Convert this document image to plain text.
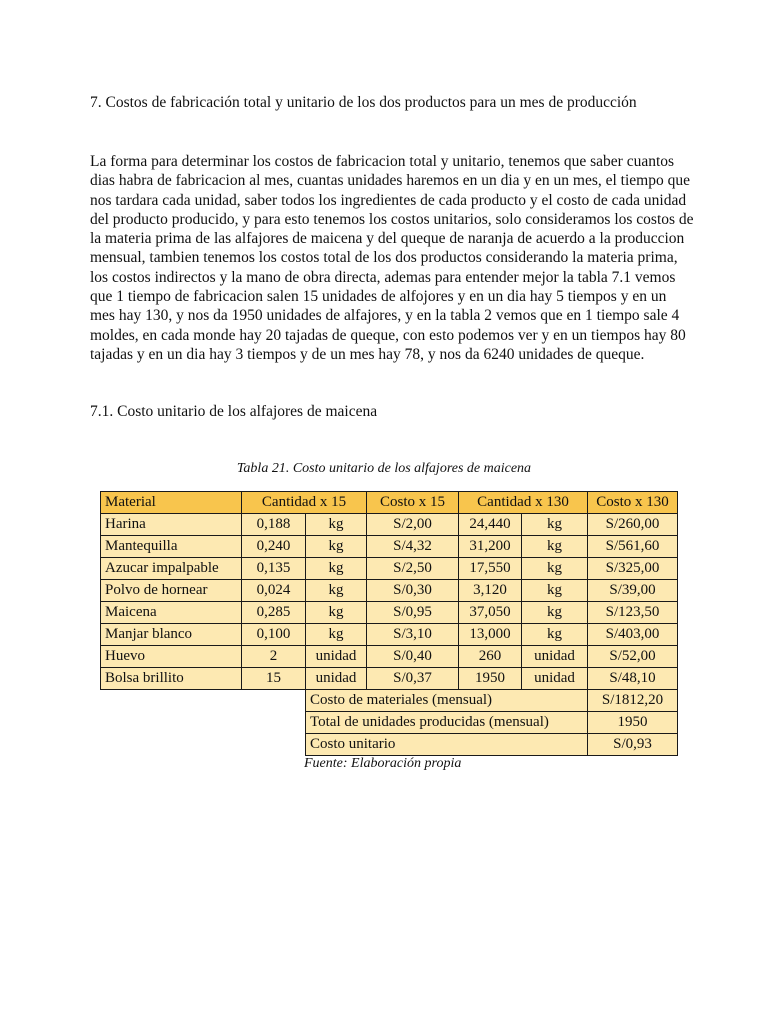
7. Costos de fabricación total y unitario de los dos productos para un mes de producción
La forma para determinar los costos de fabricacion total y unitario, tenemos que saber cuantos
dias habra de fabricacion al mes, cuantas unidades haremos en un dia y en un mes, el tiempo que
nos tardara cada unidad, saber todos los ingredientes de cada producto y el costo de cada unidad
del producto producido, y para esto tenemos los costos unitarios, solo consideramos los costos de
la materia prima de las alfajores de maicena y del queque de naranja de acuerdo a la produccion
mensual, tambien tenemos los costos total de los dos productos considerando la materia prima,
los costos indirectos y la mano de obra directa, ademas para entender mejor la tabla 7.1 vemos
que 1 tiempo de fabricacion salen 15 unidades de alfojores y en un dia hay 5 tiempos y en un
mes hay 130, y nos da 1950 unidades de alfajores, y en la tabla 2 vemos que en 1 tiempo sale 4
moldes, en cada monde hay 20 tajadas de queque, con esto podemos ver y en un tiempos hay 80
tajadas y en un dia hay 3 tiempos y de un mes hay 78, y nos da 6240 unidades de queque.
7.1. Costo unitario de los alfajores de maicena
Tabla 21. Costo unitario de los alfajores de maicena
Material	Cantidad x 15		Costo x 15	Cantidad x 130		Costo x 130
Harina	0,188	kg	S/2,00	24,440	kg	S/260,00
Mantequilla	0,240	kg	S/4,32	31,200	kg	S/561,60
Azucar impalpable	0,135	kg	S/2,50	17,550	kg	S/325,00
Polvo de hornear	0,024	kg	S/0,30	3,120	kg	S/39,00
Maicena	0,285	kg	S/0,95	37,050	kg	S/123,50
Manjar blanco	0,100	kg	S/3,10	13,000	kg	S/403,00
Huevo	2	unidad	S/0,40	260	unidad	S/52,00
Bolsa brillito	15	unidad	S/0,37	1950	unidad	S/48,10
		Costo de materiales (mensual)				S/1812,20
		Total de unidades producidas (mensual)				1950
		Costo unitario				S/0,93
Fuente: Elaboración propia
